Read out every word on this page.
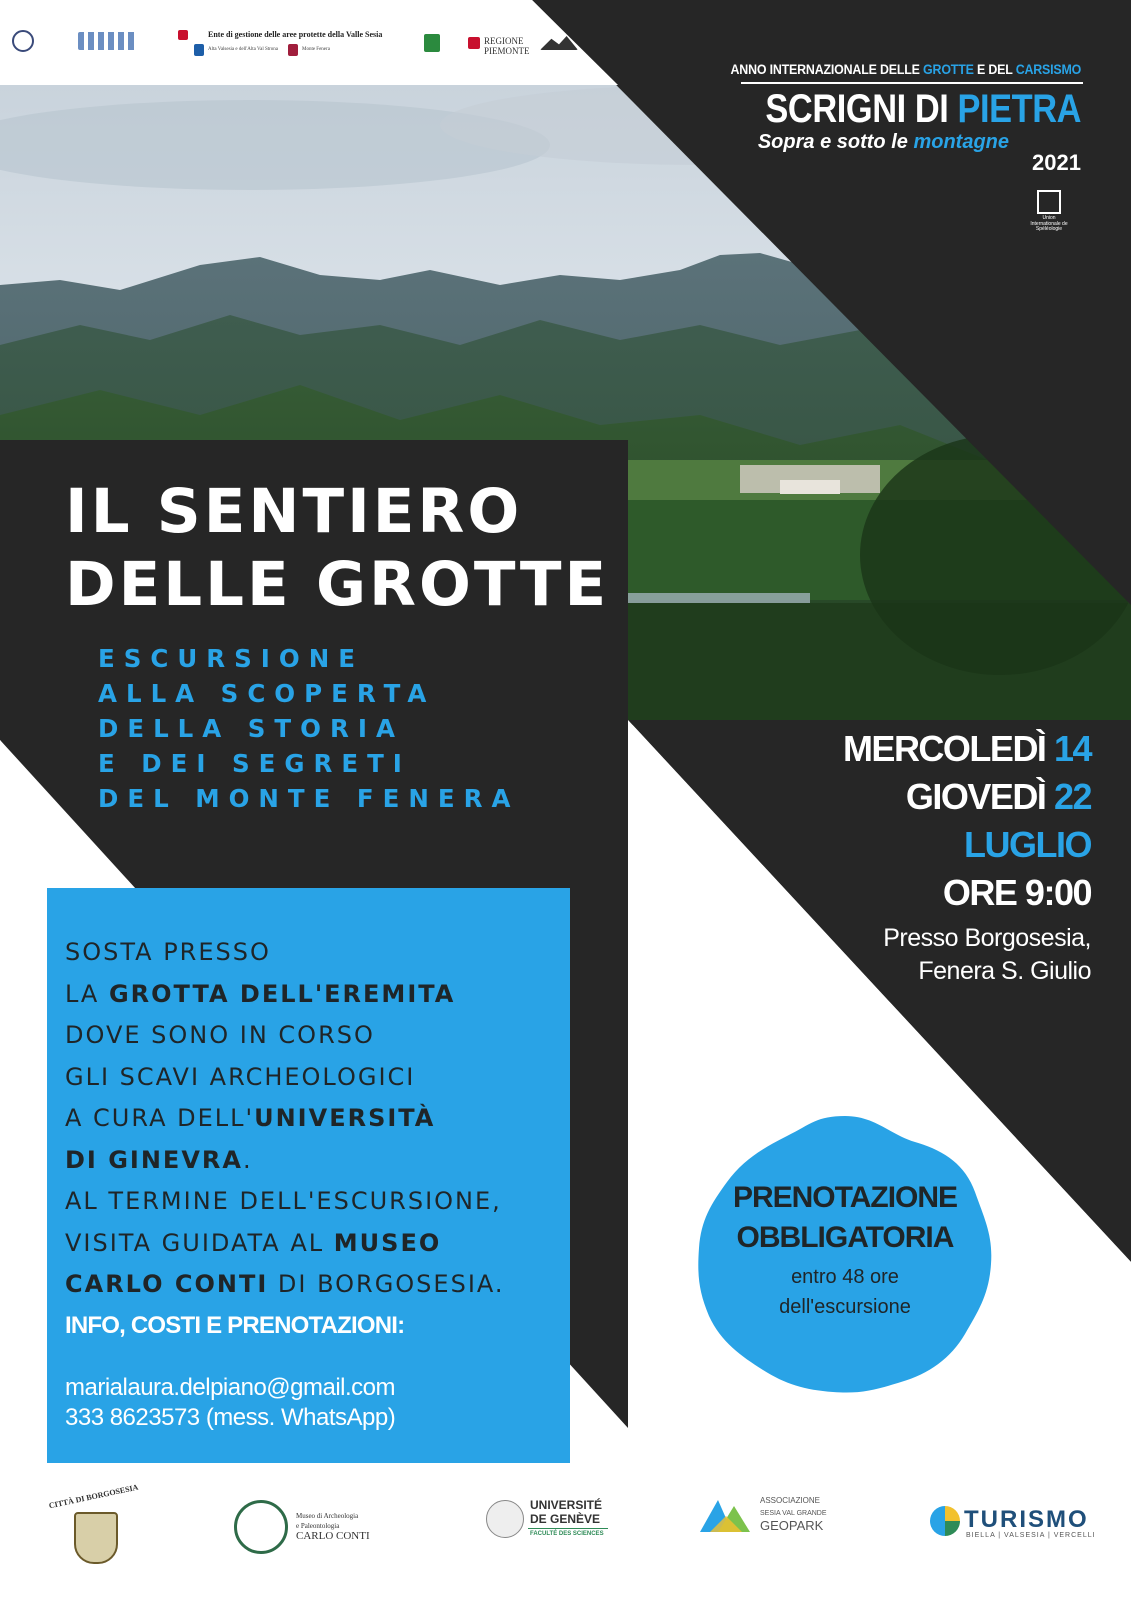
Ente di gestione delle aree protette della Valle Sesia
Alta Valsesia e dell'Alta Val Strona	Monte Fenera
REGIONE PIEMONTE
ANNO INTERNAZIONALE DELLE GROTTE E DEL CARSISMO
SCRIGNI DI PIETRA
Sopra e sotto le montagne
2021
Union Internationale de Spéléologie
IL SENTIERO
DELLE GROTTE
ESCURSIONE
ALLA SCOPERTA
DELLA STORIA
E DEI SEGRETI
DEL MONTE FENERA
MERCOLEDÌ 14
GIOVEDÌ 22
LUGLIO
ORE 9:00
Presso Borgosesia,
Fenera S. Giulio
SOSTA PRESSO
LA GROTTA DELL'EREMITA
DOVE SONO IN CORSO
GLI SCAVI ARCHEOLOGICI
A CURA DELL'UNIVERSITÀ
DI GINEVRA.
AL TERMINE DELL'ESCURSIONE,
VISITA GUIDATA AL MUSEO
CARLO CONTI DI BORGOSESIA.
INFO, COSTI E PRENOTAZIONI:
marialaura.delpiano@gmail.com
333 8623573 (mess. WhatsApp)
PRENOTAZIONE
OBBLIGATORIA
entro 48 ore
dell'escursione
CITTÀ DI BORGOSESIA
Museo di Archeologia
e Paleontologia
CARLO CONTI
UNIVERSITÉ
DE GENÈVE
FACULTÉ DES SCIENCES
ASSOCIAZIONE
SESIA VAL GRANDE
GEOPARK	TURISMO
BIELLA | VALSESIA | VERCELLI
